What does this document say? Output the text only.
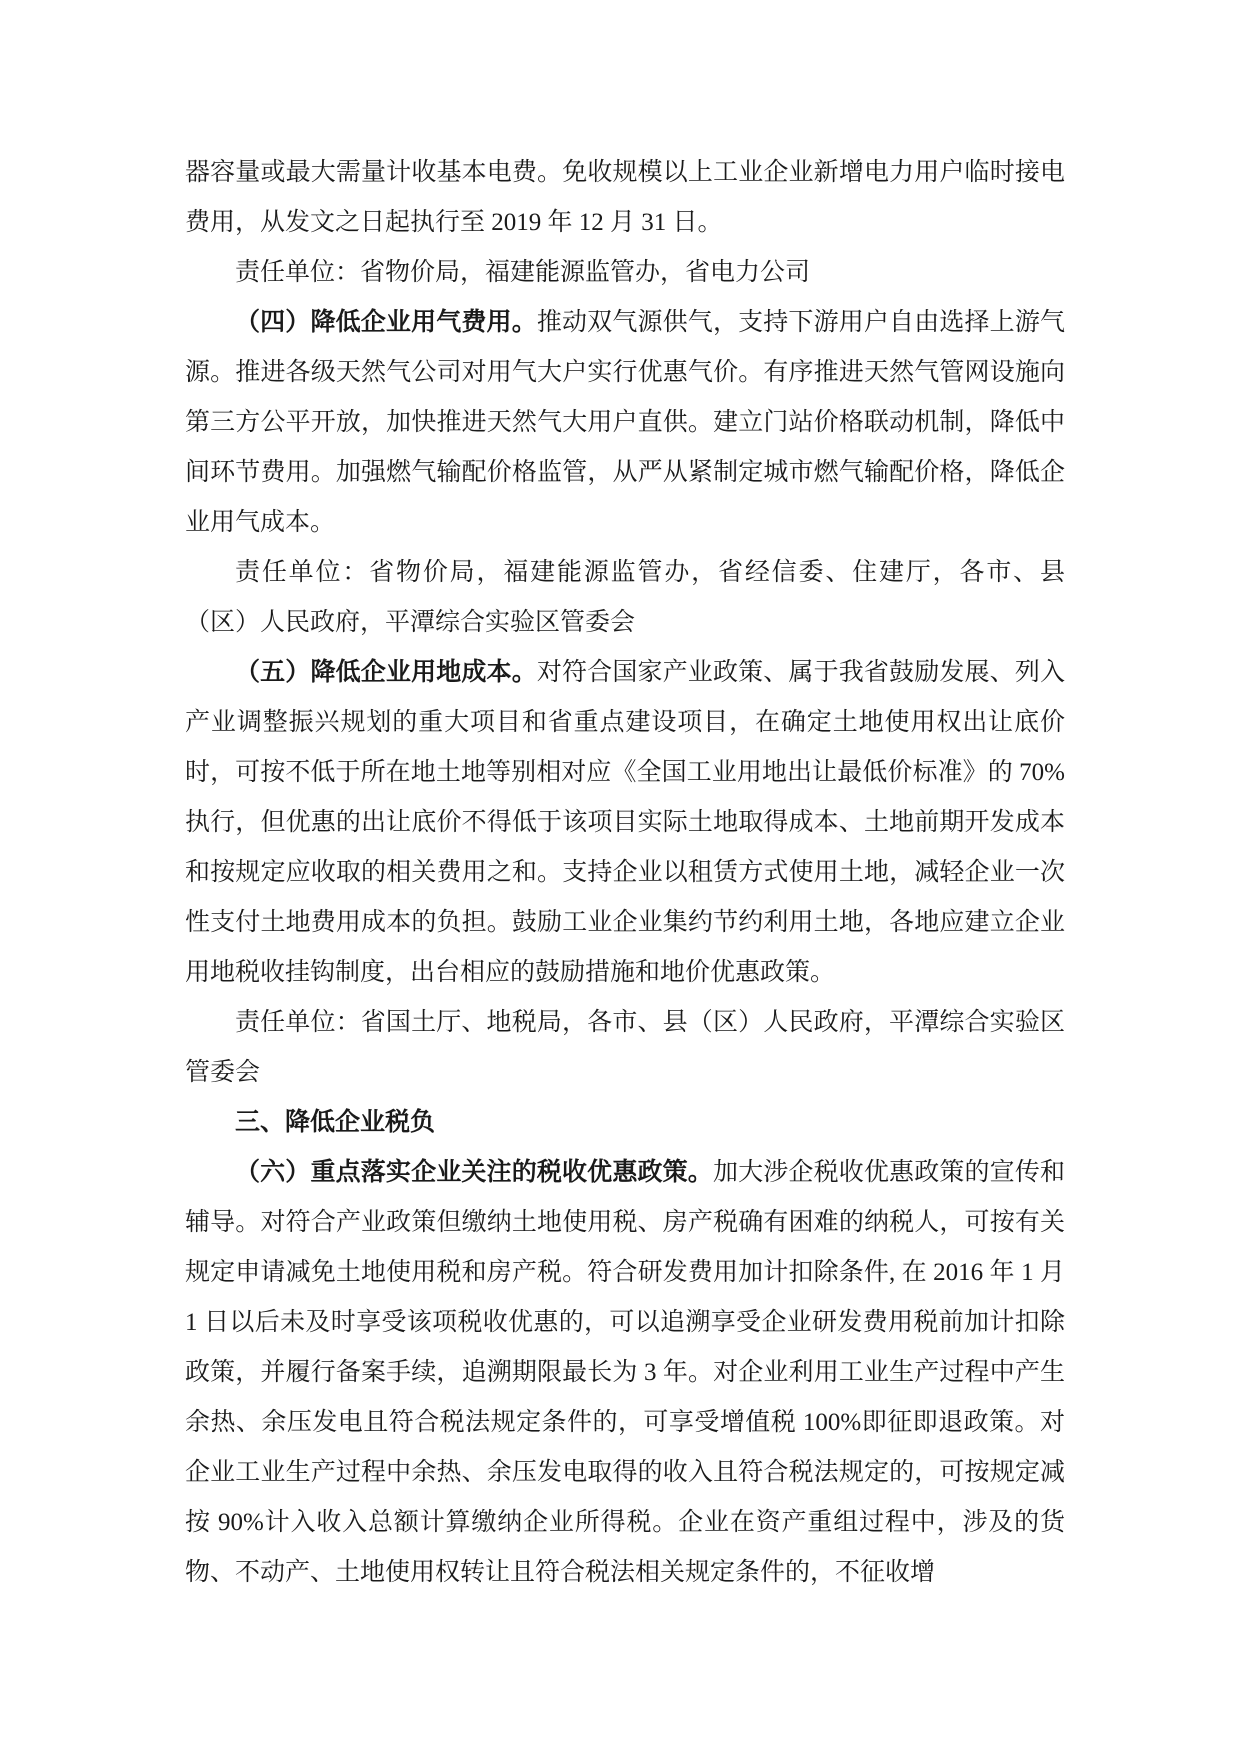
器容量或最大需量计收基本电费。免收规模以上工业企业新增电力用户临时接电费用，从发文之日起执行至 2019 年 12 月 31 日。

责任单位：省物价局，福建能源监管办，省电力公司

（四）降低企业用气费用。推动双气源供气，支持下游用户自由选择上游气源。推进各级天然气公司对用气大户实行优惠气价。有序推进天然气管网设施向第三方公平开放，加快推进天然气大用户直供。建立门站价格联动机制，降低中间环节费用。加强燃气输配价格监管，从严从紧制定城市燃气输配价格，降低企业用气成本。

责任单位：省物价局，福建能源监管办，省经信委、住建厅，各市、县（区）人民政府，平潭综合实验区管委会

（五）降低企业用地成本。对符合国家产业政策、属于我省鼓励发展、列入产业调整振兴规划的重大项目和省重点建设项目，在确定土地使用权出让底价时，可按不低于所在地土地等别相对应《全国工业用地出让最低价标准》的 70%执行，但优惠的出让底价不得低于该项目实际土地取得成本、土地前期开发成本和按规定应收取的相关费用之和。支持企业以租赁方式使用土地，减轻企业一次性支付土地费用成本的负担。鼓励工业企业集约节约利用土地，各地应建立企业用地税收挂钩制度，出台相应的鼓励措施和地价优惠政策。

责任单位：省国土厅、地税局，各市、县（区）人民政府，平潭综合实验区管委会

三、降低企业税负

（六）重点落实企业关注的税收优惠政策。加大涉企税收优惠政策的宣传和辅导。对符合产业政策但缴纳土地使用税、房产税确有困难的纳税人，可按有关规定申请减免土地使用税和房产税。符合研发费用加计扣除条件, 在 2016 年 1 月 1 日以后未及时享受该项税收优惠的，可以追溯享受企业研发费用税前加计扣除政策，并履行备案手续，追溯期限最长为 3 年。对企业利用工业生产过程中产生余热、余压发电且符合税法规定条件的，可享受增值税 100%即征即退政策。对企业工业生产过程中余热、余压发电取得的收入且符合税法规定的，可按规定减按 90%计入收入总额计算缴纳企业所得税。企业在资产重组过程中，涉及的货物、不动产、土地使用权转让且符合税法相关规定条件的，不征收增
